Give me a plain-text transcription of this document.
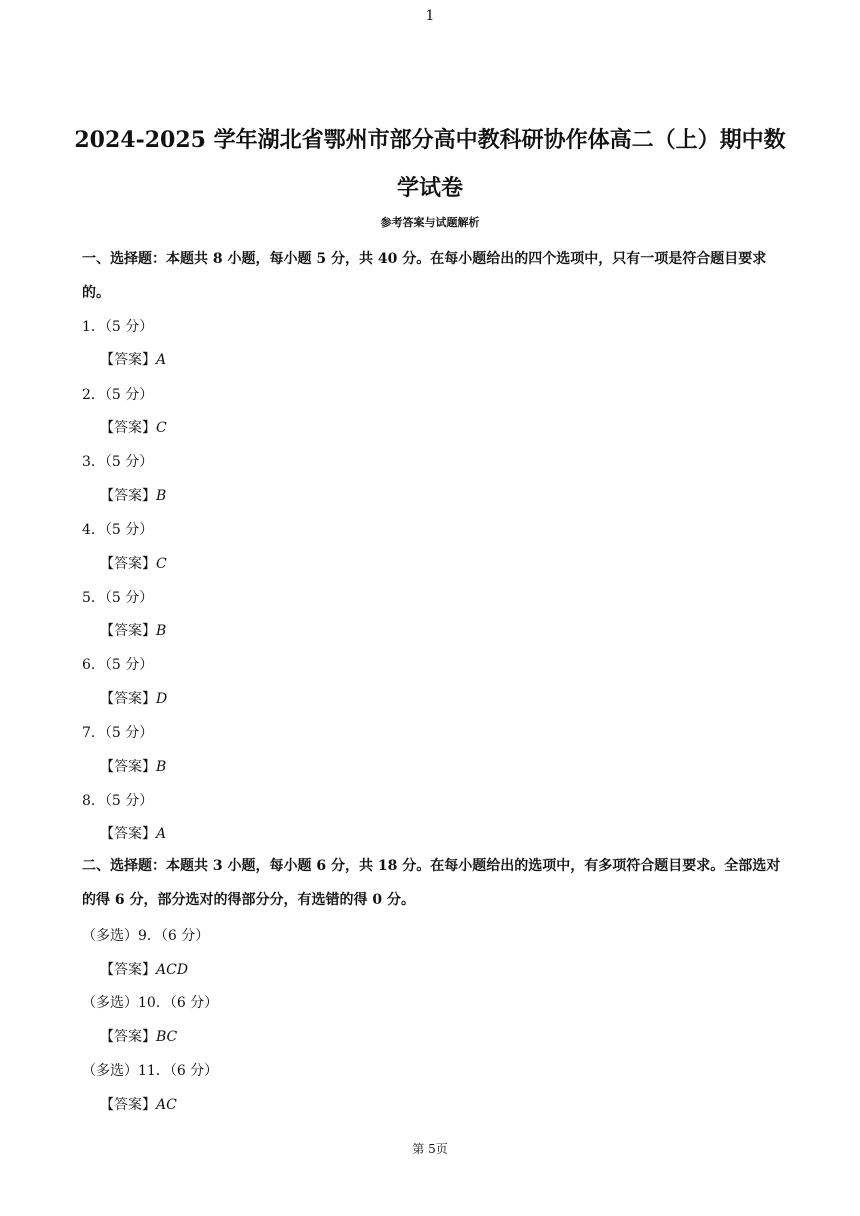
1
2024-2025 学年湖北省鄂州市部分高中教科研协作体高二（上）期中数学试卷
参考答案与试题解析
一、选择题：本题共 8 小题，每小题 5 分，共 40 分。在每小题给出的四个选项中，只有一项是符合题目要求的。
1．（5 分）
【答案】A
2．（5 分）
【答案】C
3．（5 分）
【答案】B
4．（5 分）
【答案】C
5．（5 分）
【答案】B
6．（5 分）
【答案】D
7．（5 分）
【答案】B
8．（5 分）
【答案】A
二、选择题：本题共 3 小题，每小题 6 分，共 18 分。在每小题给出的选项中，有多项符合题目要求。全部选对的得 6 分，部分选对的得部分分，有选错的得 0 分。
（多选）9．（6 分）
【答案】ACD
（多选）10．（6 分）
【答案】BC
（多选）11．（6 分）
【答案】AC
第 5页
